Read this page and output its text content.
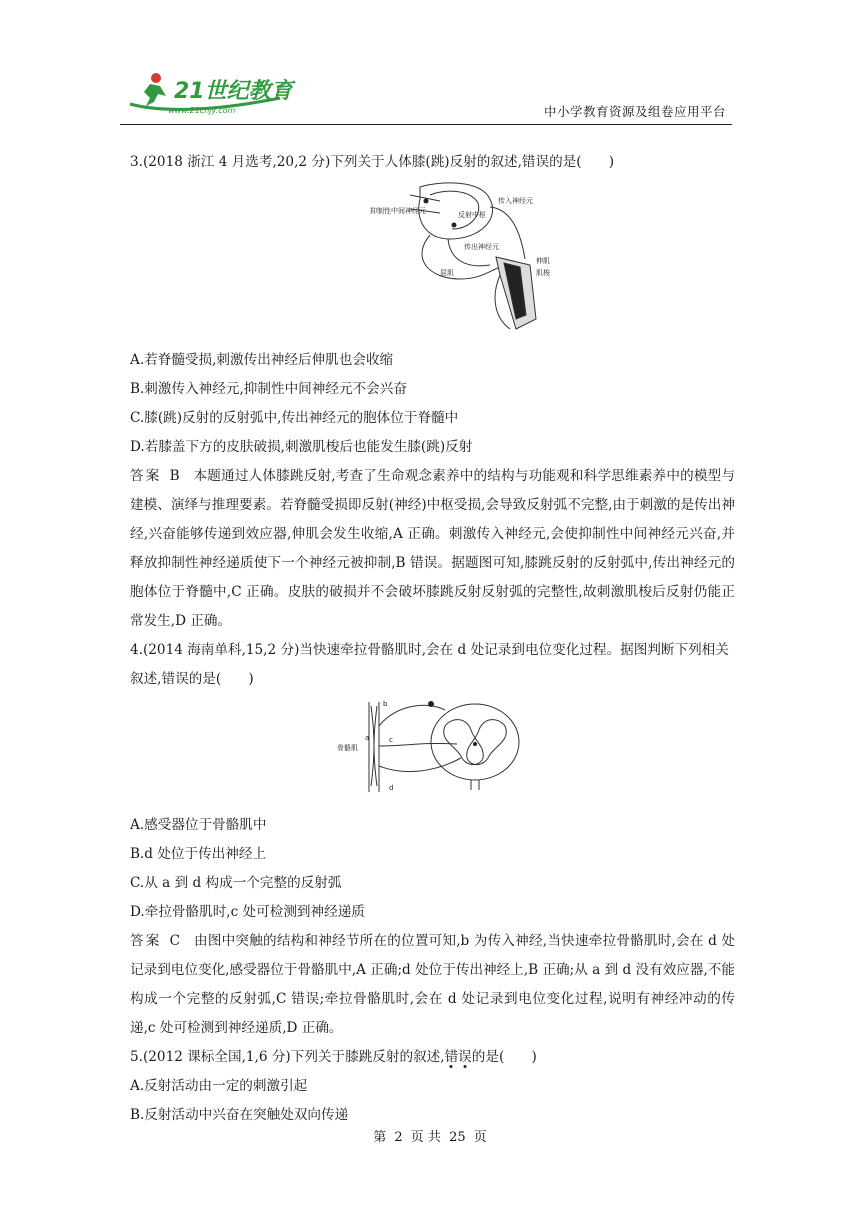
21世纪教育
www.21cnjy.com	中小学教育资源及组卷应用平台

3.(2018 浙江 4 月选考,20,2 分)下列关于人体膝(跳)反射的叙述,错误的是(　　)

抑制性中间神经元	反射中枢
传入神经元
传出神经元
伸肌
肌梭
屈肌

A.若脊髓受损,刺激传出神经后伸肌也会收缩

B.刺激传入神经元,抑制性中间神经元不会兴奋

C.膝(跳)反射的反射弧中,传出神经元的胞体位于脊髓中

D.若膝盖下方的皮肤破损,刺激肌梭后也能发生膝(跳)反射

答案 B　本题通过人体膝跳反射,考查了生命观念素养中的结构与功能观和科学思维素养中的模型与建模、演绎与推理要素。若脊髓受损即反射(神经)中枢受损,会导致反射弧不完整,由于刺激的是传出神经,兴奋能够传递到效应器,伸肌会发生收缩,A 正确。刺激传入神经元,会使抑制性中间神经元兴奋,并释放抑制性神经递质使下一个神经元被抑制,B 错误。据题图可知,膝跳反射的反射弧中,传出神经元的胞体位于脊髓中,C 正确。皮肤的破损并不会破坏膝跳反射反射弧的完整性,故刺激肌梭后反射仍能正常发生,D 正确。

4.(2014 海南单科,15,2 分)当快速牵拉骨骼肌时,会在 d 处记录到电位变化过程。据图判断下列相关叙述,错误的是(　　)

a
b
c
d
骨骼肌

A.感受器位于骨骼肌中

B.d 处位于传出神经上

C.从 a 到 d 构成一个完整的反射弧

D.牵拉骨骼肌时,c 处可检测到神经递质

答案 C　由图中突触的结构和神经节所在的位置可知,b 为传入神经,当快速牵拉骨骼肌时,会在 d 处记录到电位变化,感受器位于骨骼肌中,A 正确;d 处位于传出神经上,B 正确;从 a 到 d 没有效应器,不能构成一个完整的反射弧,C 错误;牵拉骨骼肌时,会在 d 处记录到电位变化过程,说明有神经冲动的传递,c 处可检测到神经递质,D 正确。

5.(2012 课标全国,1,6 分)下列关于膝跳反射的叙述,错误的是(　　)

A.反射活动由一定的刺激引起

B.反射活动中兴奋在突触处双向传递

第 2 页 共 25 页
